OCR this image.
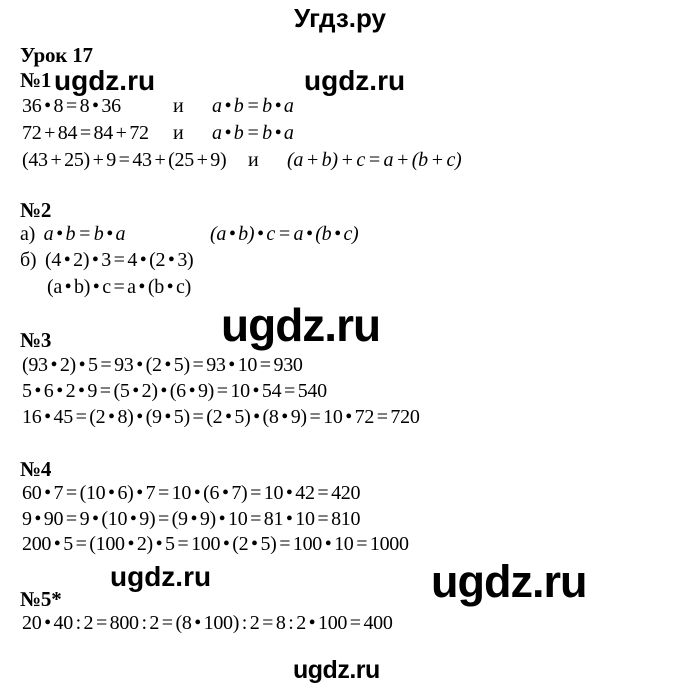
Угдз.ру
Урок 17
ugdz.ru	ugdz.ru
ugdz.ru
ugdz.ru	ugdz.ru
ugdz.ru
№1
36 • 8 = 8 • 36	и a • b = b • a
72 + 84 = 84 + 72 и a • b = b • a
(43 + 25) + 9 = 43 + (25 + 9) и (a + b) + c = a + (b + c)
№2
а) a • b = b • a	(a • b) • c = a • (b • c)
б) (4 • 2) • 3 = 4 • (2 • 3)
(a • b) • c = a • (b • c)
№3
(93 • 2) • 5 = 93 • (2 • 5) = 93 • 10 = 930
5 • 6 • 2 • 9 = (5 • 2) • (6 • 9) = 10 • 54 = 540
16 • 45 = (2 • 8) • (9 • 5) = (2 • 5) • (8 • 9) = 10 • 72 = 720
№4
60 • 7 = (10 • 6) • 7 = 10 • (6 • 7) = 10 • 42 = 420
9 • 90 = 9 • (10 • 9) = (9 • 9) • 10 = 81 • 10 = 810
200 • 5 = (100 • 2) • 5 = 100 • (2 • 5) = 100 • 10 = 1000
№5*
20 • 40 : 2 = 800 : 2 = (8 • 100) : 2 = 8 : 2 • 100 = 400
